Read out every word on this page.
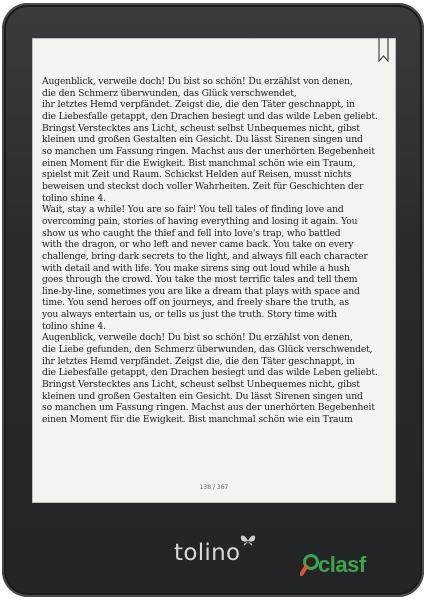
Augenblick, verweile doch! Du bist so schön! Du erzählst von denen,
die den Schmerz überwunden, das Glück verschwendet,
ihr letztes Hemd verpfändet. Zeigst die, die den Täter geschnappt, in
die Liebesfalle getappt, den Drachen besiegt und das wilde Leben geliebt.
Bringst Verstecktes ans Licht, scheust selbst Unbequemes nicht, gibst
kleinen und großen Gestalten ein Gesicht. Du lässt Sirenen singen und
so manchen um Fassung ringen. Machst aus der unerhörten Begebenheit
einen Moment für die Ewigkeit. Bist manchmal schön wie ein Traum,
spielst mit Zeit und Raum. Schickst Helden auf Reisen, musst nichts
beweisen und steckst doch voller Wahrheiten. Zeit für Geschichten der
tolino shine 4.
Wait, stay a while! You are so fair! You tell tales of finding love and
overcoming pain, stories of having everything and losing it again. You
show us who caught the thief and fell into love's trap, who battled
with the dragon, or who left and never came back. You take on every
challenge, bring dark secrets to the light, and always fill each character
with detail and with life. You make sirens sing out loud while a hush
goes through the crowd. You take the most terrific tales and tell them
line-by-line, sometimes you are like a dream that plays with space and
time. You send heroes off on journeys, and freely share the truth, as
you always entertain us, or tells us just the truth. Story time with
tolino shine 4.
Augenblick, verweile doch! Du bist so schön! Du erzählst von denen,
die Liebe gefunden, den Schmerz überwunden, das Glück verschwendet,
ihr letztes Hemd verpfändet. Zeigst die, die den Täter geschnappt, in
die Liebesfalle getappt, den Drachen besiegt und das wilde Leben geliebt.
Bringst Verstecktes ans Licht, scheust selbst Unbequemes nicht, gibst
kleinen und großen Gestalten ein Gesicht. Du lässt Sirenen singen und
so manchen um Fassung ringen. Machst aus der unerhörten Begebenheit
einen Moment für die Ewigkeit. Bist manchmal schön wie ein Traum
138 / 367
tolino	clasf
